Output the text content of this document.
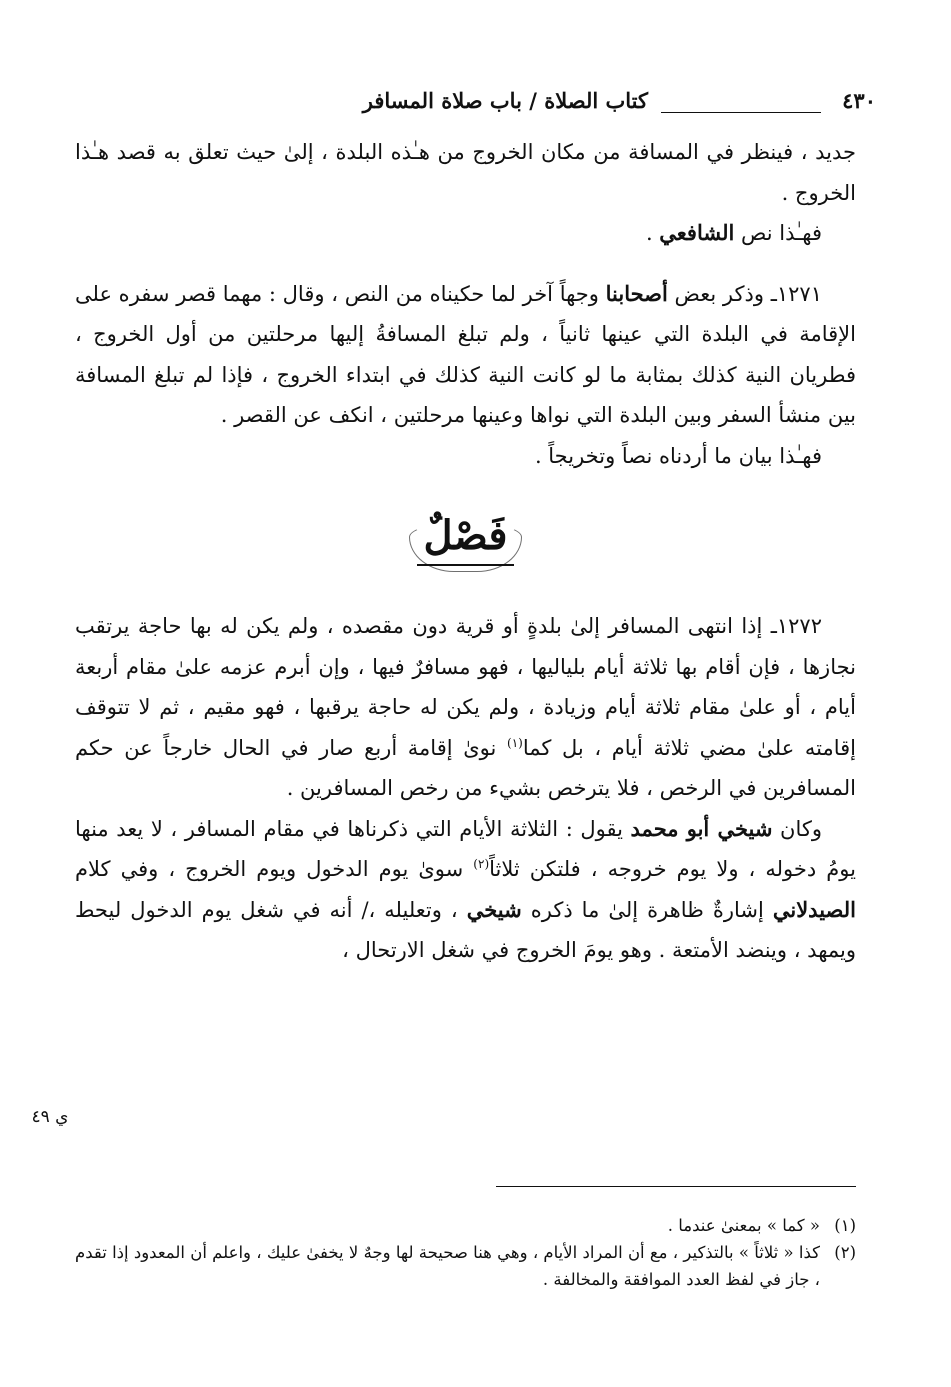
٤٣٠
كتاب الصلاة / باب صلاة المسافر

جديد ، فينظر في المسافة من مكان الخروج من هـٰذه البلدة ، إلىٰ حيث تعلق به قصد هـٰذا الخروج .

فهـٰذا نص الشافعي .

١٢٧١ـ وذكر بعض أصحابنا وجهاً آخر لما حكيناه من النص ، وقال : مهما قصر سفره على الإقامة في البلدة التي عينها ثانياً ، ولم تبلغ المسافةُ إليها مرحلتين من أول الخروج ، فطريان النية كذلك بمثابة ما لو كانت النية كذلك في ابتداء الخروج ، فإذا لم تبلغ المسافة بين منشأ السفر وبين البلدة التي نواها وعينها مرحلتين ، انكف عن القصر .

فهـٰذا بيان ما أردناه نصاً وتخريجاً .

فَصْلٌ

١٢٧٢ـ إذا انتهى المسافر إلىٰ بلدةٍ أو قرية دون مقصده ، ولم يكن له بها حاجة يرتقب نجازها ، فإن أقام بها ثلاثة أيام بلياليها ، فهو مسافرٌ فيها ، وإن أبرم عزمه علىٰ مقام أربعة أيام ، أو علىٰ مقام ثلاثة أيام وزيادة ، ولم يكن له حاجة يرقبها ، فهو مقيم ، ثم لا تتوقف إقامته علىٰ مضي ثلاثة أيام ، بل كما$^{(١)}$ نوىٰ إقامة أربع صار في الحال خارجاً عن حكم المسافرين في الرخص ، فلا يترخص بشيء من رخص المسافرين .

وكان شيخي أبو محمد يقول : الثلاثة الأيام التي ذكرناها في مقام المسافر ، لا يعد منها يومُ دخوله ، ولا يوم خروجه ، فلتكن ثلاثاً$^{(٢)}$ سوىٰ يوم الدخول ويوم الخروج ، وفي كلام الصيدلاني إشارةٌ ظاهرة إلىٰ ما ذكره شيخي ، وتعليله ،/ أنه في شغل يوم الدخول ليحط ويمهد ، وينضد الأمتعة . وهو يومَ الخروج في شغل الارتحال ،

ي ٤٩
(١)
« كما » بمعنىٰ عندما .
(٢)
كذا « ثلاثاً » بالتذكير ، مع أن المراد الأيام ، وهي هنا صحيحة لها وجهٌ لا يخفىٰ عليك ، واعلم أن المعدود إذا تقدم ، جاز في لفظ العدد الموافقة والمخالفة .
